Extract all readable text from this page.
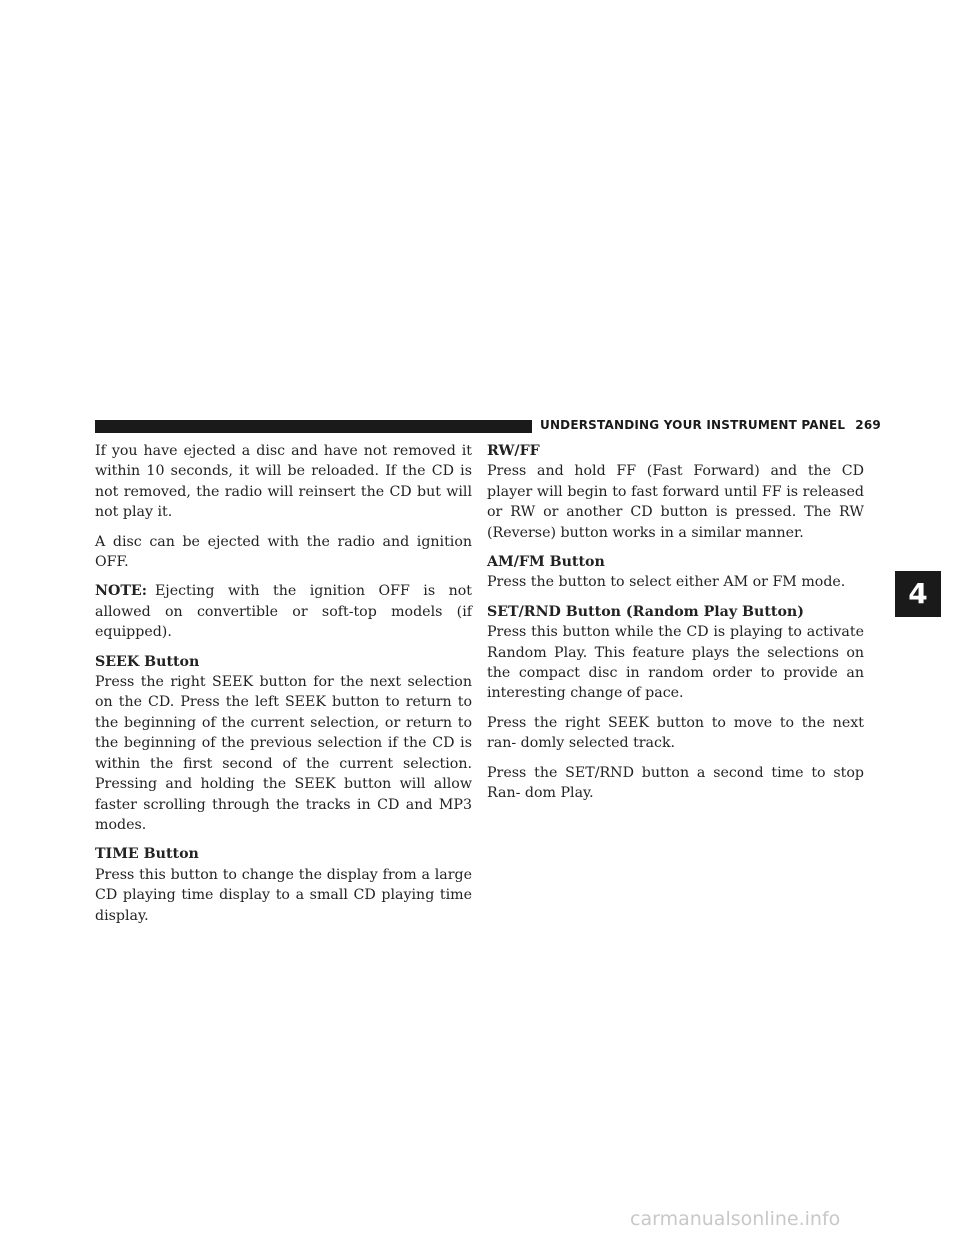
UNDERSTANDING YOUR INSTRUMENT PANEL 269

If you have ejected a disc and have not removed it within 10 seconds, it will be reloaded. If the CD is not removed, the radio will reinsert the CD but will not play it.

A disc can be ejected with the radio and ignition OFF.

NOTE: Ejecting with the ignition OFF is not allowed on convertible or soft-top models (if equipped).

SEEK Button

Press the right SEEK button for the next selection on the CD. Press the left SEEK button to return to the beginning of the current selection, or return to the beginning of the previous selection if the CD is within the first second of the current selection. Pressing and holding the SEEK button will allow faster scrolling through the tracks in CD and MP3 modes.

TIME Button

Press this button to change the display from a large CD playing time display to a small CD playing time display.

RW/FF

Press and hold FF (Fast Forward) and the CD player will begin to fast forward until FF is released or RW or another CD button is pressed. The RW (Reverse) button works in a similar manner.

AM/FM Button

Press the button to select either AM or FM mode.

SET/RND Button (Random Play Button)

Press this button while the CD is playing to activate Random Play. This feature plays the selections on the compact disc in random order to provide an interesting change of pace.

Press the right SEEK button to move to the next ran- domly selected track.

Press the SET/RND button a second time to stop Ran- dom Play.

4
carmanualsonline.info
